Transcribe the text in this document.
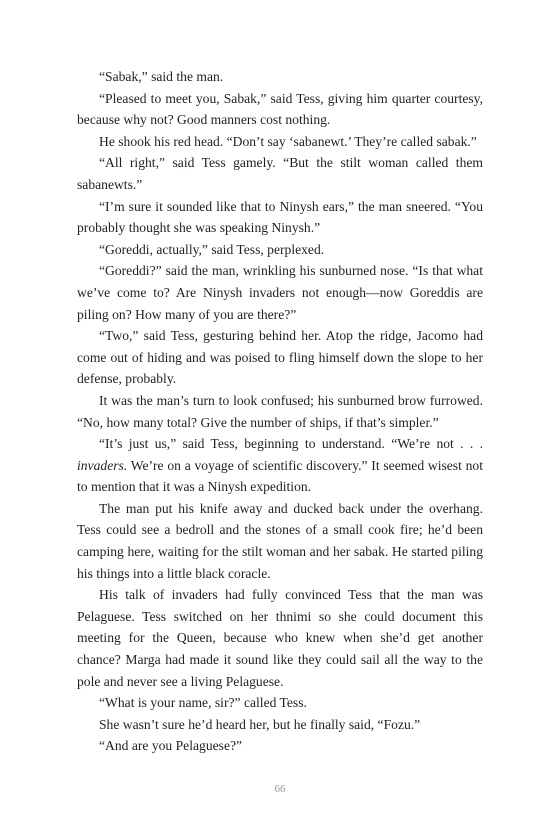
“Sabak,” said the man.

“Pleased to meet you, Sabak,” said Tess, giving him quarter courtesy, because why not? Good manners cost nothing.

He shook his red head. “Don’t say ‘sabanewt.’ They’re called sabak.”

“All right,” said Tess gamely. “But the stilt woman called them sabanewts.”

“I’m sure it sounded like that to Ninysh ears,” the man sneered. “You probably thought she was speaking Ninysh.”

“Goreddi, actually,” said Tess, perplexed.

“Goreddi?” said the man, wrinkling his sunburned nose. “Is that what we’ve come to? Are Ninysh invaders not enough—now Goreddis are piling on? How many of you are there?”

“Two,” said Tess, gesturing behind her. Atop the ridge, Jacomo had come out of hiding and was poised to fling himself down the slope to her defense, probably.

It was the man’s turn to look confused; his sunburned brow furrowed. “No, how many total? Give the number of ships, if that’s simpler.”

“It’s just us,” said Tess, beginning to understand. “We’re not . . . invaders. We’re on a voyage of scientific discovery.” It seemed wisest not to mention that it was a Ninysh expedition.

The man put his knife away and ducked back under the overhang. Tess could see a bedroll and the stones of a small cook fire; he’d been camping here, waiting for the stilt woman and her sabak. He started piling his things into a little black coracle.

His talk of invaders had fully convinced Tess that the man was Pelaguese. Tess switched on her thnimi so she could document this meeting for the Queen, because who knew when she’d get another chance? Marga had made it sound like they could sail all the way to the pole and never see a living Pelaguese.

“What is your name, sir?” called Tess.

She wasn’t sure he’d heard her, but he finally said, “Fozu.”

“And are you Pelaguese?”

66
